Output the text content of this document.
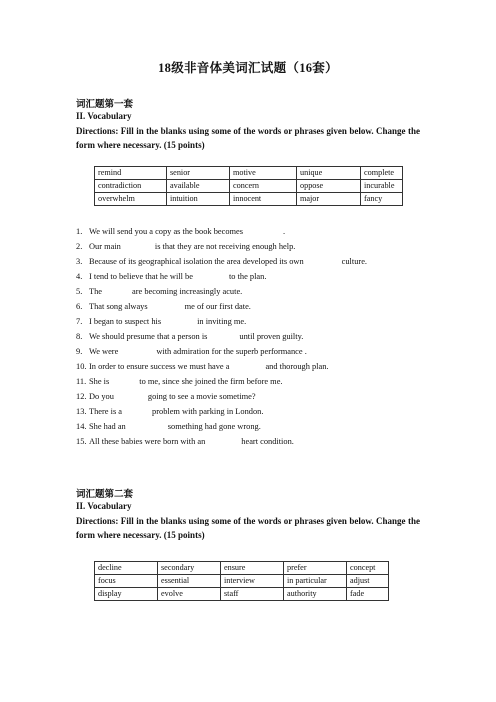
18级非音体美词汇试题（16套）
词汇题第一套
II. Vocabulary
Directions: Fill in the blanks using some of the words or phrases given below. Change the form where necessary. (15 points)
remind	senior	motive	unique	complete
contradiction	available	concern	oppose	incurable
overwhelm	intuition	innocent	major	fancy
1. We will send you a copy as the book becomes	.
2. Our main	is that they are not receiving enough help.
3. Because of its geographical isolation the area developed its own	culture.
4. I tend to believe that he will be	to the plan.
5. The	are becoming increasingly acute.
6. That song always	me of our first date.
7. I began to suspect his	in inviting me.
8. We should presume that a person is	until proven guilty.
9. We were	with admiration for the superb performance .
10. In order to ensure success we must have a	and thorough plan.
11. She is	to me, since she joined the firm before me.
12. Do you	going to see a movie sometime?
13. There is a	problem with parking in London.
14. She had an	something had gone wrong.
15. All these babies were born with an	heart condition.
词汇题第二套
II. Vocabulary
Directions: Fill in the blanks using some of the words or phrases given below. Change the form where necessary. (15 points)
decline	secondary	ensure	prefer	concept
focus	essential	interview	in particular	adjust
display	evolve	staff	authority	fade
